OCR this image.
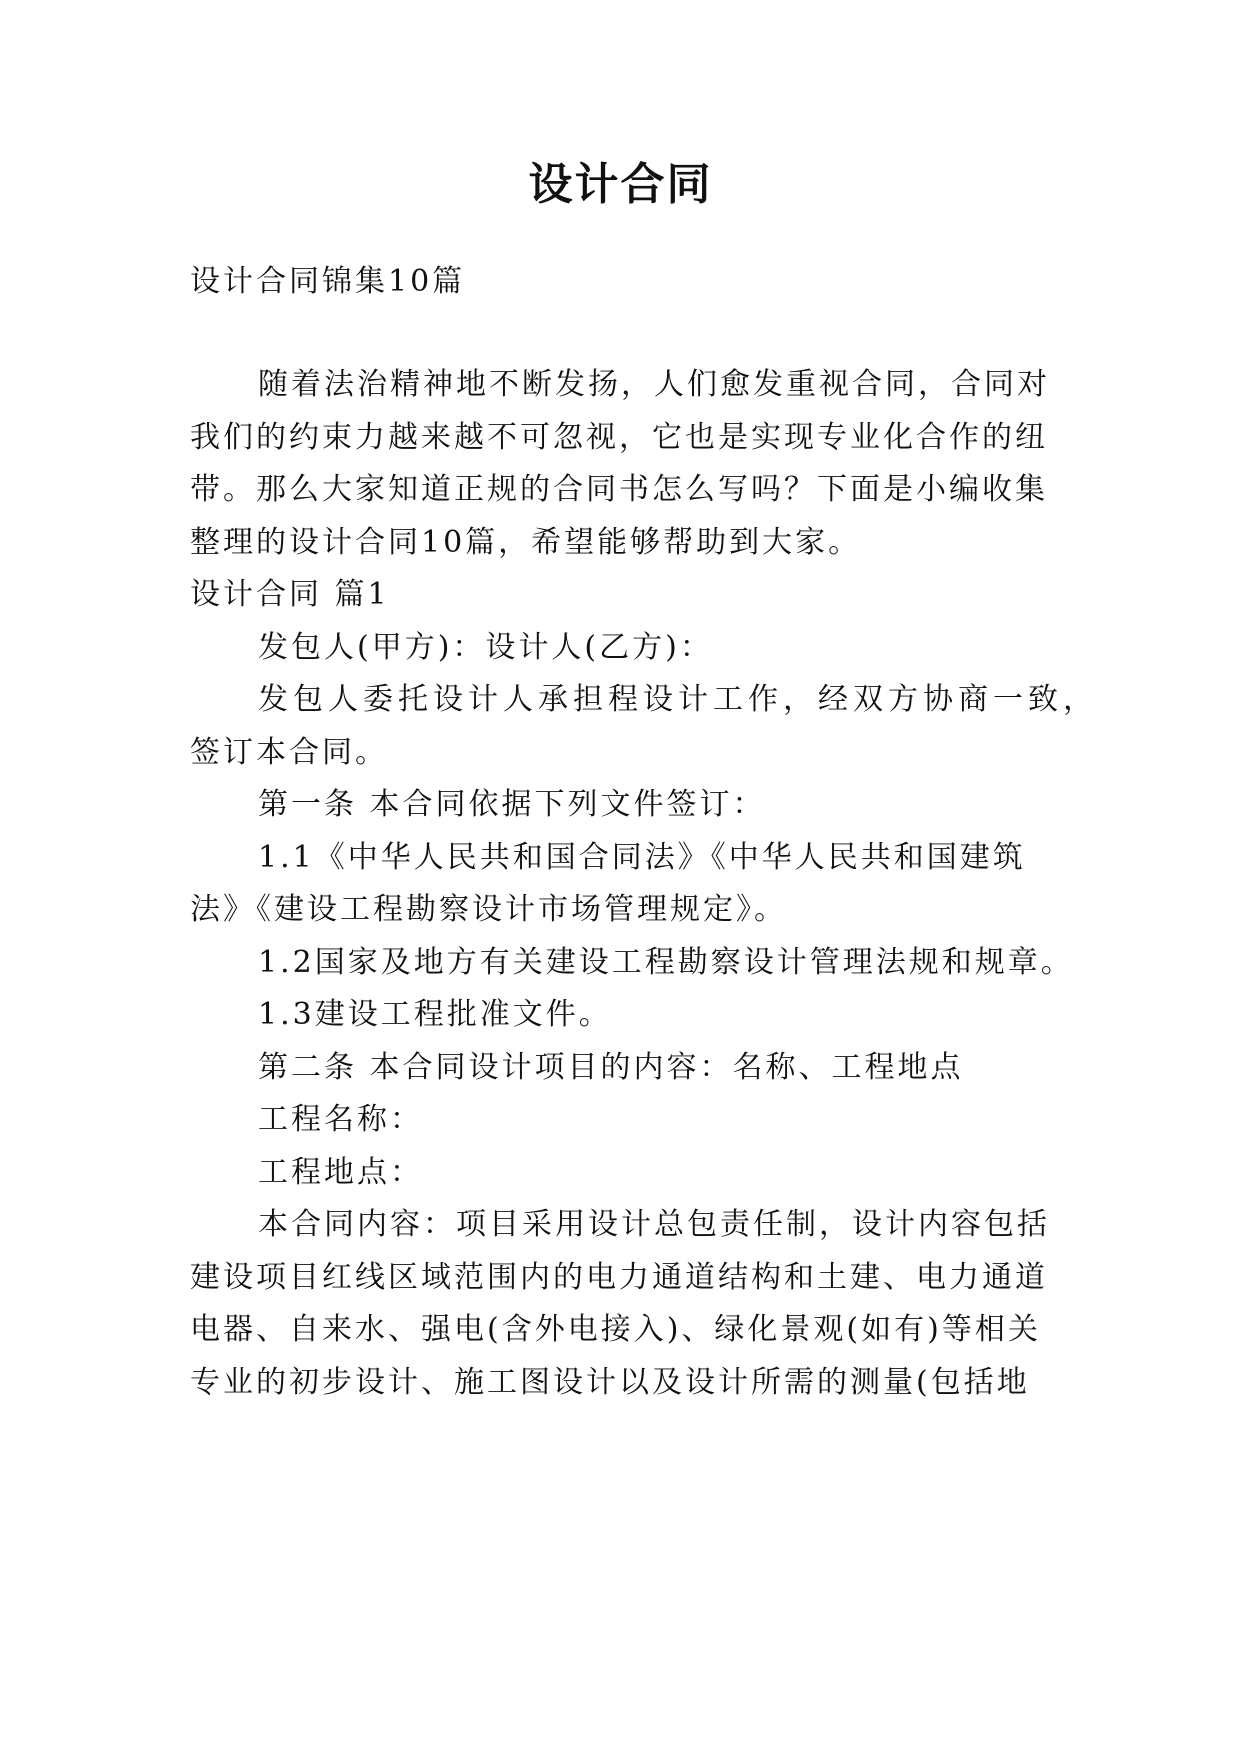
设计合同
设计合同锦集10篇
随着法治精神地不断发扬，人们愈发重视合同，合同对
我们的约束力越来越不可忽视，它也是实现专业化合作的纽
带。那么大家知道正规的合同书怎么写吗？下面是小编收集
整理的设计合同10篇，希望能够帮助到大家。
设计合同 篇1
发包人(甲方)：设计人(乙方)：
发包人委托设计人承担程设计工作，经双方协商一致，
签订本合同。
第一条 本合同依据下列文件签订：
1.1《中华人民共和国合同法》《中华人民共和国建筑
法》《建设工程勘察设计市场管理规定》。
1.2国家及地方有关建设工程勘察设计管理法规和规章。
1.3建设工程批准文件。
第二条 本合同设计项目的内容：名称、工程地点
工程名称：
工程地点：
本合同内容：项目采用设计总包责任制，设计内容包括
建设项目红线区域范围内的电力通道结构和土建、电力通道
电器、自来水、强电(含外电接入)、绿化景观(如有)等相关
专业的初步设计、施工图设计以及设计所需的测量(包括地
